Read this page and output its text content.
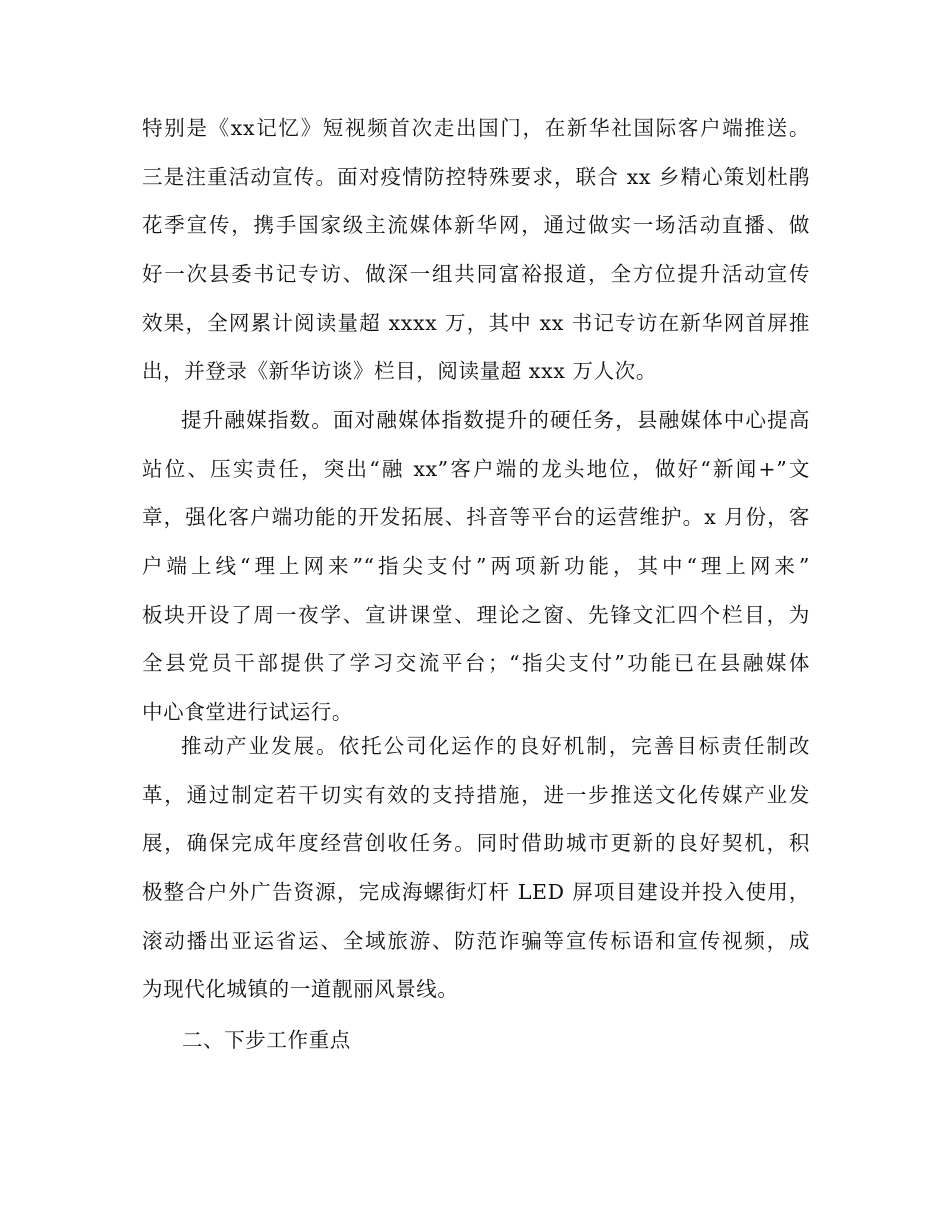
特别是《xx记忆》短视频首次走出国门，在新华社国际客户端推送。
三是注重活动宣传。面对疫情防控特殊要求，联合 xx 乡精心策划杜鹃
花季宣传，携手国家级主流媒体新华网，通过做实一场活动直播、做
好一次县委书记专访、做深一组共同富裕报道，全方位提升活动宣传
效果，全网累计阅读量超 xxxx 万，其中 xx 书记专访在新华网首屏推
出，并登录《新华访谈》栏目，阅读量超 xxx 万人次。
提升融媒指数。面对融媒体指数提升的硬任务，县融媒体中心提高
站位、压实责任，突出“融 xx”客户端的龙头地位，做好“新闻+”文
章，强化客户端功能的开发拓展、抖音等平台的运营维护。x 月份，客
户端上线“理上网来”“指尖支付”两项新功能，其中“理上网来”
板块开设了周一夜学、宣讲课堂、理论之窗、先锋文汇四个栏目，为
全县党员干部提供了学习交流平台；“指尖支付”功能已在县融媒体
中心食堂进行试运行。
推动产业发展。依托公司化运作的良好机制，完善目标责任制改
革，通过制定若干切实有效的支持措施，进一步推送文化传媒产业发
展，确保完成年度经营创收任务。同时借助城市更新的良好契机，积
极整合户外广告资源，完成海螺街灯杆 LED 屏项目建设并投入使用，
滚动播出亚运省运、全域旅游、防范诈骗等宣传标语和宣传视频，成
为现代化城镇的一道靓丽风景线。
二、下步工作重点
